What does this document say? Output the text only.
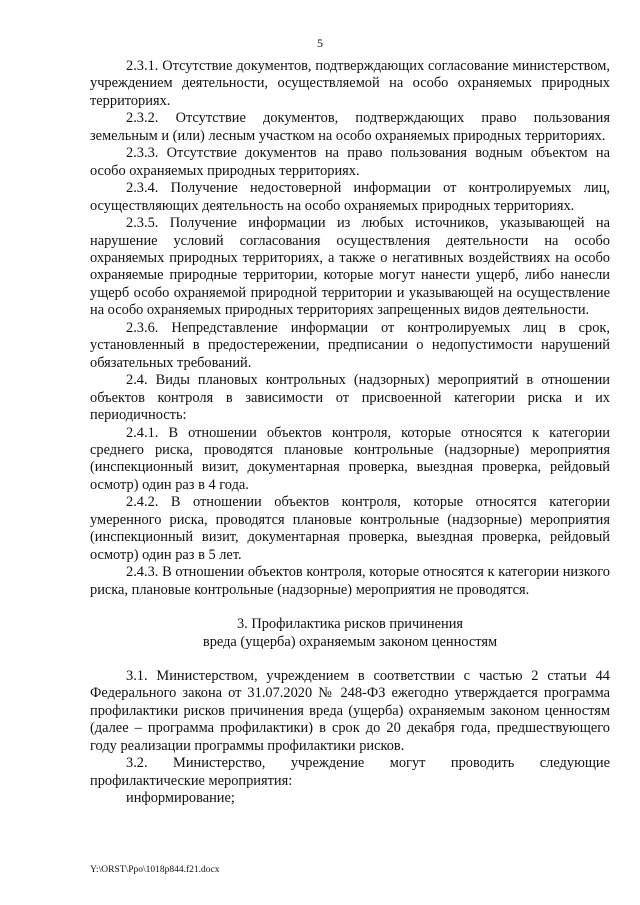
5

2.3.1. Отсутствие документов, подтверждающих согласование министерством, учреждением деятельности, осуществляемой на особо охраняемых природных территориях.

2.3.2. Отсутствие документов, подтверждающих право пользования земельным и (или) лесным участком на особо охраняемых природных территориях.

2.3.3. Отсутствие документов на право пользования водным объектом на особо охраняемых природных территориях.

2.3.4. Получение недостоверной информации от контролируемых лиц, осуществляющих деятельность на особо охраняемых природных территориях.

2.3.5. Получение информации из любых источников, указывающей на нарушение условий согласования осуществления деятельности на особо охраняемых природных территориях, а также о негативных воздействиях на особо охраняемые природные территории, которые могут нанести ущерб, либо нанесли ущерб особо охраняемой природной территории и указывающей на осуществление на особо охраняемых природных территориях запрещенных видов деятельности.

2.3.6. Непредставление информации от контролируемых лиц в срок, установленный в предостережении, предписании о недопустимости нарушений обязательных требований.

2.4. Виды плановых контрольных (надзорных) мероприятий в отношении объектов контроля в зависимости от присвоенной категории риска и их периодичность:

2.4.1. В отношении объектов контроля, которые относятся к категории среднего риска, проводятся плановые контрольные (надзорные) мероприятия (инспекционный визит, документарная проверка, выездная проверка, рейдовый осмотр) один раз в 4 года.

2.4.2. В отношении объектов контроля, которые относятся категории умеренного риска, проводятся плановые контрольные (надзорные) мероприятия (инспекционный визит, документарная проверка, выездная проверка, рейдовый осмотр) один раз в 5 лет.

2.4.3. В отношении объектов контроля, которые относятся к категории низкого риска, плановые контрольные (надзорные) мероприятия не проводятся.

3. Профилактика рисков причинения
вреда (ущерба) охраняемым законом ценностям

3.1. Министерством, учреждением в соответствии с частью 2 статьи 44 Федерального закона от 31.07.2020 № 248-ФЗ ежегодно утверждается программа профилактики рисков причинения вреда (ущерба) охраняемым законом ценностям (далее – программа профилактики) в срок до 20 декабря года, предшествующего году реализации программы профилактики рисков.

3.2. Министерство, учреждение могут проводить следующие профилактические мероприятия:

информирование;

Y:\ORST\Ppo\1018p844.f21.docx
